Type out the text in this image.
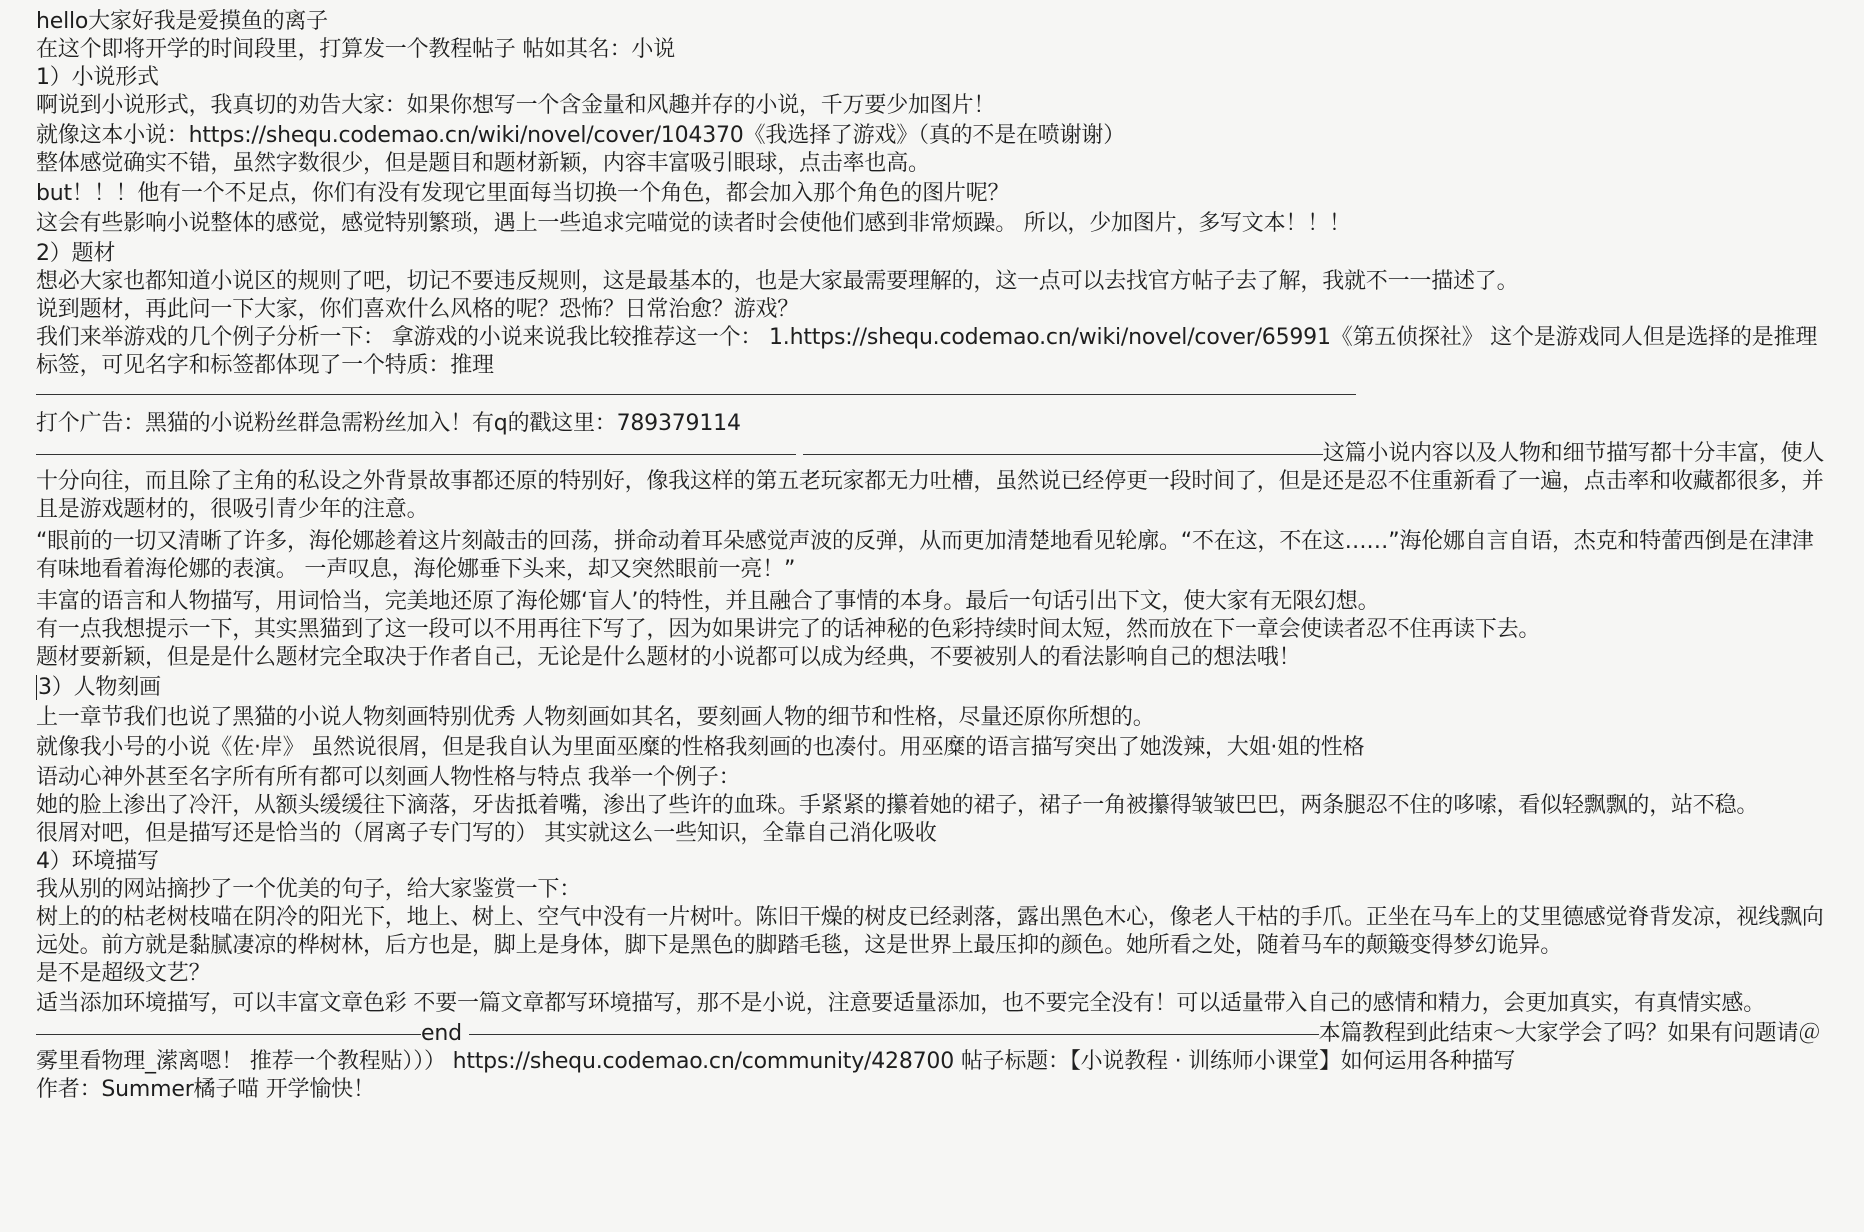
hello大家好我是爱摸鱼的离子

在这个即将开学的时间段里，打算发一个教程帖子 帖如其名：小说

1）小说形式

啊说到小说形式，我真切的劝告大家：如果你想写一个含金量和风趣并存的小说，千万要少加图片！

就像这本小说：https://shequ.codemao.cn/wiki/novel/cover/104370《我选择了游戏》（真的不是在喷谢谢）

整体感觉确实不错，虽然字数很少，但是题目和题材新颖，内容丰富吸引眼球，点击率也高。

but！！！他有一个不足点，你们有没有发现它里面每当切换一个角色，都会加入那个角色的图片呢？

这会有些影响小说整体的感觉，感觉特别繁琐，遇上一些追求完喵觉的读者时会使他们感到非常烦躁。 所以，少加图片，多写文本！！！

2）题材

想必大家也都知道小说区的规则了吧，切记不要违反规则，这是最基本的，也是大家最需要理解的，这一点可以去找官方帖子去了解，我就不一一描述了。

说到题材，再此问一下大家，你们喜欢什么风格的呢？恐怖？日常治愈？游戏？

我们来举游戏的几个例子分析一下： 拿游戏的小说来说我比较推荐这一个： 1.https://shequ.codemao.cn/wiki/novel/cover/65991《第五侦探社》 这个是游戏同人但是选择的是推理标签，可见名字和标签都体现了一个特质：推理

打个广告：黑猫的小说粉丝群急需粉丝加入！有q的戳这里：789379114

这篇小说内容以及人物和细节描写都十分丰富，使人十分向往，而且除了主角的私设之外背景故事都还原的特别好，像我这样的第五老玩家都无力吐槽，虽然说已经停更一段时间了，但是还是忍不住重新看了一遍，点击率和收藏都很多，并且是游戏题材的，很吸引青少年的注意。

“眼前的一切又清晰了许多，海伦娜趁着这片刻敲击的回荡，拼命动着耳朵感觉声波的反弹，从而更加清楚地看见轮廓。“不在这，不在这……”海伦娜自言自语，杰克和特蕾西倒是在津津有味地看着海伦娜的表演。 一声叹息，海伦娜垂下头来，却又突然眼前一亮！”

丰富的语言和人物描写，用词恰当，完美地还原了海伦娜‘盲人’的特性，并且融合了事情的本身。最后一句话引出下文，使大家有无限幻想。

有一点我想提示一下，其实黑猫到了这一段可以不用再往下写了，因为如果讲完了的话神秘的色彩持续时间太短，然而放在下一章会使读者忍不住再读下去。

题材要新颖，但是是什么题材完全取决于作者自己，无论是什么题材的小说都可以成为经典，不要被别人的看法影响自己的想法哦！

3）人物刻画

上一章节我们也说了黑猫的小说人物刻画特别优秀 人物刻画如其名，要刻画人物的细节和性格，尽量还原你所想的。

就像我小号的小说《佐·岸》 虽然说很屑，但是我自认为里面巫糜的性格我刻画的也凑付。用巫糜的语言描写突出了她泼辣，大姐·姐的性格

语动心神外甚至名字所有所有都可以刻画人物性格与特点 我举一个例子：

她的脸上渗出了冷汗，从额头缓缓往下滴落，牙齿抵着嘴，渗出了些许的血珠。手紧紧的攥着她的裙子，裙子一角被攥得皱皱巴巴，两条腿忍不住的哆嗦，看似轻飘飘的，站不稳。

很屑对吧，但是描写还是恰当的（屑离子专门写的） 其实就这么一些知识，全靠自己消化吸收

4）环境描写

我从别的网站摘抄了一个优美的句子，给大家鉴赏一下：

树上的的枯老树枝喵在阴冷的阳光下，地上、树上、空气中没有一片树叶。陈旧干燥的树皮已经剥落，露出黑色木心，像老人干枯的手爪。正坐在马车上的艾里德感觉脊背发凉，视线飘向远处。前方就是黏腻凄凉的桦树林，后方也是，脚上是身体，脚下是黑色的脚踏毛毯，这是世界上最压抑的颜色。她所看之处，随着马车的颠簸变得梦幻诡异。

是不是超级文艺？

适当添加环境描写，可以丰富文章色彩 不要一篇文章都写环境描写，那不是小说，注意要适量添加，也不要完全没有！可以适量带入自己的感情和精力，会更加真实，有真情实感。

end	本篇教程到此结束～大家学会了吗？如果有问题请＠雾里看物理_潆离嗯！ 推荐一个教程贴））） https://shequ.codemao.cn/community/428700 帖子标题：【小说教程 · 训练师小课堂】如何运用各种描写

作者：Summer橘子喵 开学愉快！
